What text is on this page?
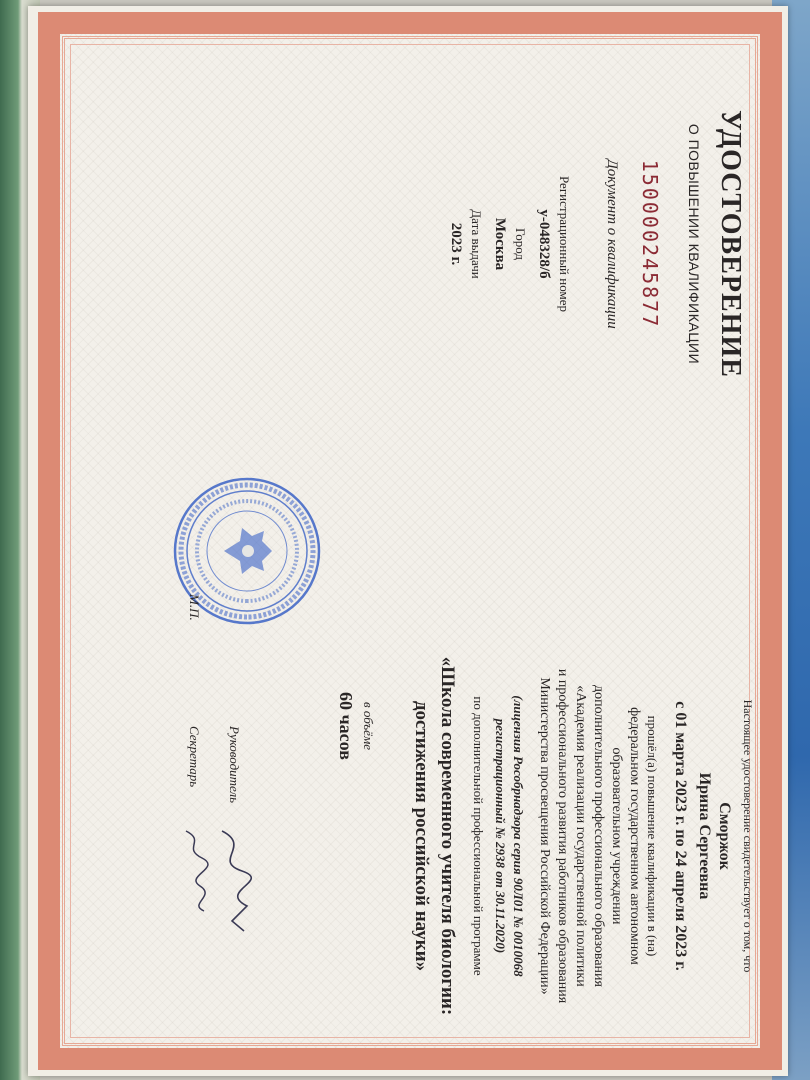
УДОСТОВЕРЕНИЕ
О ПОВЫШЕНИИ КВАЛИФИКАЦИИ
150000245877
Документ о квалификации
Регистрационный номер
у-048328/б
Город
Москва
Дата выдачи
2023 г.
Настоящее удостоверение свидетельствует о том, что
Сморжок
Ирина Сергеевна
с 01 марта 2023 г. по 24 апреля 2023 г.
прошёл(а) повышение квалификации в (на)
федеральном государственном автономном
образовательном учреждении
дополнительного профессионального образования
«Академия реализации государственной политики
и профессионального развития работников образования
Министерства просвещения Российской Федерации»
(лицензия Рособрнадзора серия 90Л01 № 0010068
регистрационный № 2938 от 30.11.2020)
по дополнительной профессиональной программе
«Школа современного учителя биологии:
достижения российской науки»
в объёме
60 часов
М.П.
Руководитель
Секретарь
